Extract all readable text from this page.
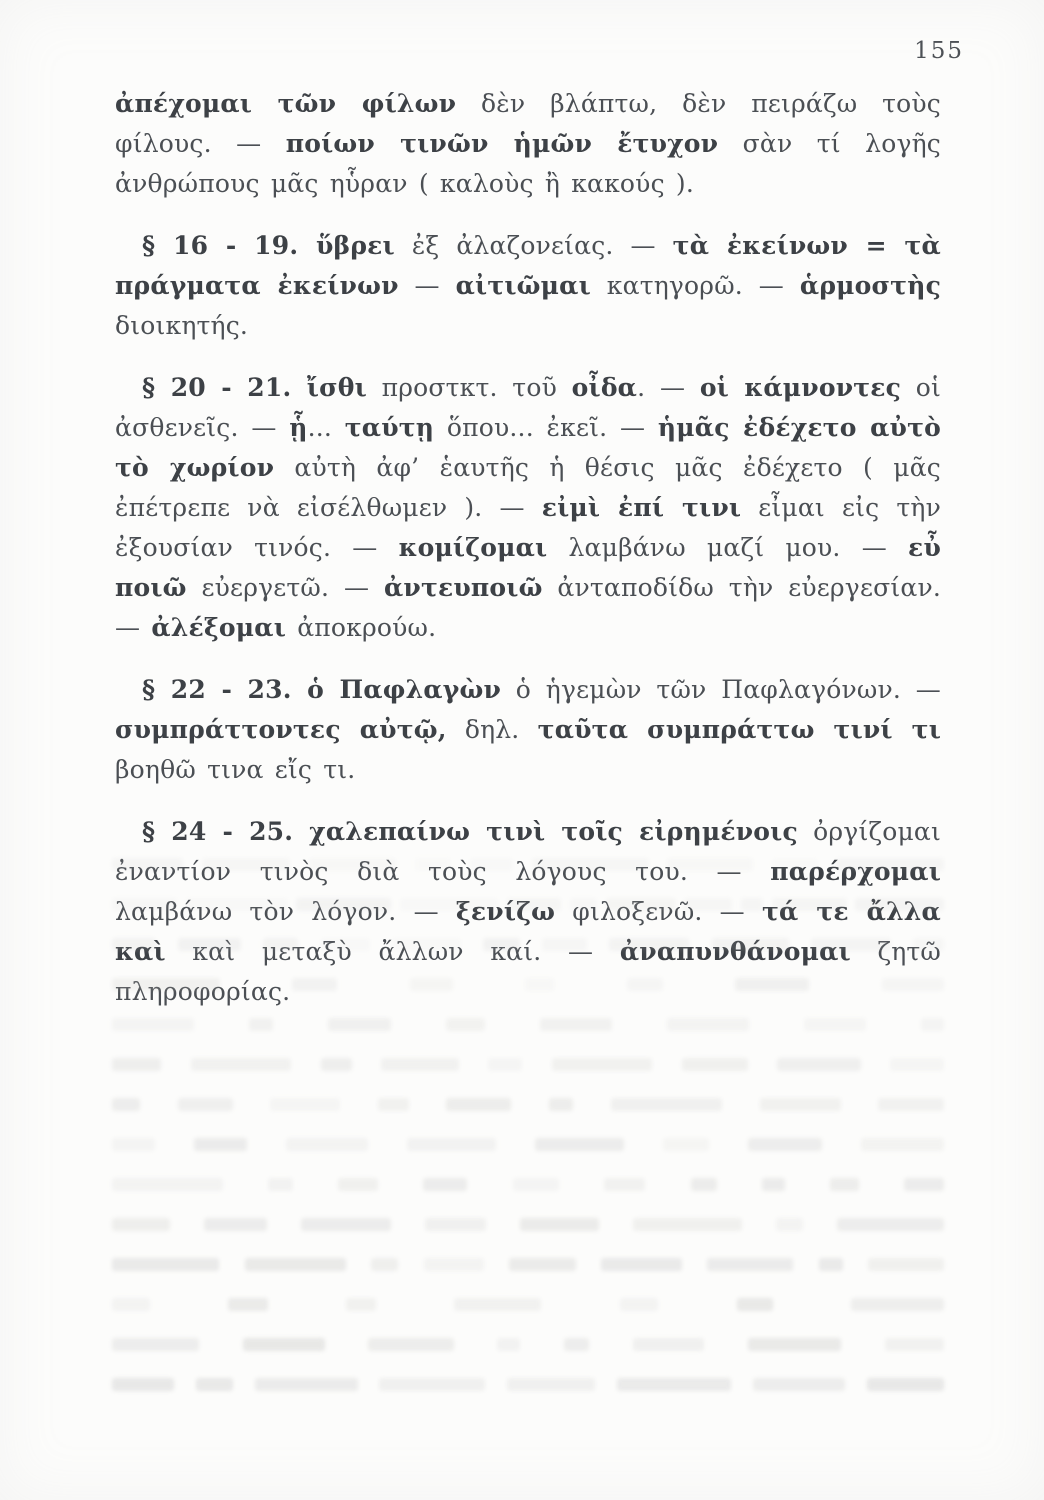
155

ἀπέχομαι τῶν φίλων δὲν βλάπτω, δὲν πειράζω τοὺς φίλους. — ποίων τινῶν ἡμῶν ἔτυχον σὰν τί λογῆς ἀνθρώπους μᾶς ηὗραν ( καλοὺς ἢ κακούς ).

§ 16 - 19. ὕβρει ἐξ ἀλαζονείας. — τὰ ἐκείνων = τὰ πράγματα ἐκείνων — αἰτιῶμαι κατηγορῶ. — ἁρμοστὴς διοικητής.

§ 20 - 21. ἴσθι προστκτ. τοῦ οἶδα. — οἱ κάμνοντες οἱ ἀσθενεῖς. — ᾗ... ταύτῃ ὅπου... ἐκεῖ. — ἡμᾶς ἐδέχετο αὐτὸ τὸ χωρίον αὐτὴ ἀφ’ ἑαυτῆς ἡ θέσις μᾶς ἐδέχετο ( μᾶς ἐπέτρεπε νὰ εἰσέλθωμεν ). — εἰμὶ ἐπί τινι εἶμαι εἰς τὴν ἐξουσίαν τινός. — κομίζομαι λαμβάνω μαζί μου. — εὖ ποιῶ εὐεργετῶ. — ἀντευποιῶ ἀνταποδίδω τὴν εὐεργεσίαν. — ἀλέξομαι ἀποκρούω.

§ 22 - 23. ὁ Παφλαγὼν ὁ ἡγεμὼν τῶν Παφλαγόνων. — συμπράττοντες αὐτῷ, δηλ. ταῦτα συμπράττω τινί τι βοηθῶ τινα εἴς τι.

§ 24 - 25. χαλεπαίνω τινὶ τοῖς εἰρημένοις ὀργίζομαι ἐναντίον τινὸς διὰ τοὺς λόγους του. — παρέρχομαι λαμβάνω τὸν λόγον. — ξενίζω φιλοξενῶ. — τά τε ἄλλα καὶ καὶ μεταξὺ ἄλλων καί. — ἀναπυνθάνομαι ζητῶ πληροφορίας.
